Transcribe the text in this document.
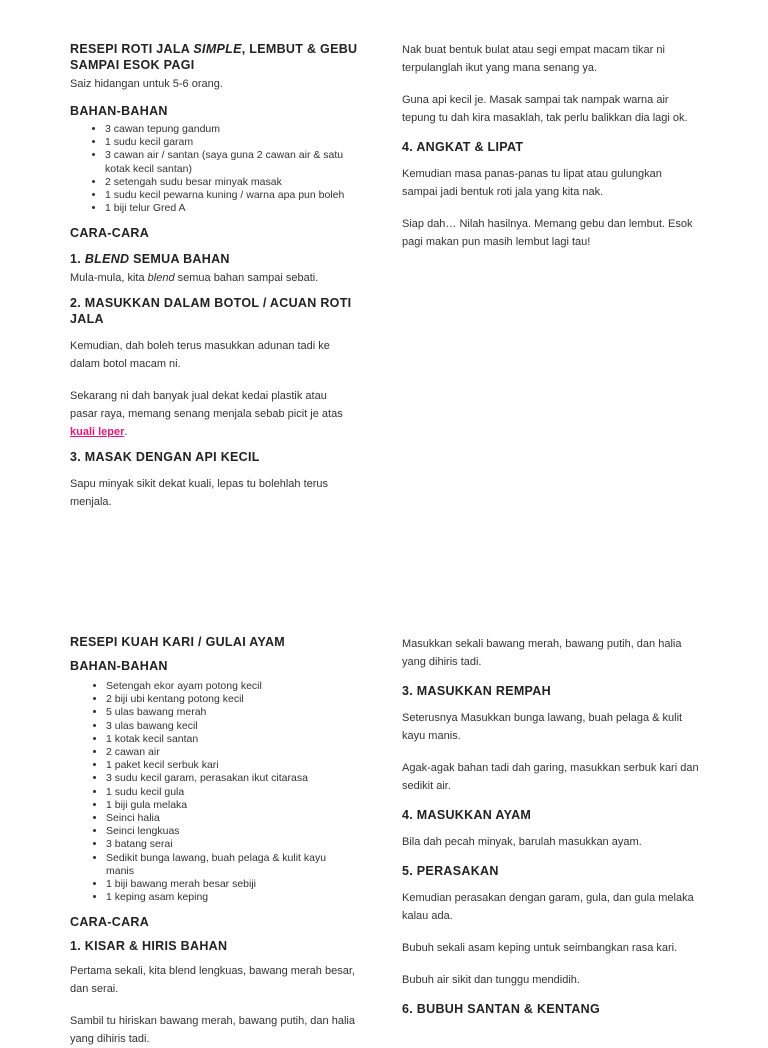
RESEPI ROTI JALA SIMPLE, LEMBUT & GEBU SAMPAI ESOK PAGI

Saiz hidangan untuk 5-6 orang.

BAHAN-BAHAN

• 3 cawan tepung gandum
• 1 sudu kecil garam
• 3 cawan air / santan (saya guna 2 cawan air & satu kotak kecil santan)
• 2 setengah sudu besar minyak masak
• 1 sudu kecil pewarna kuning / warna apa pun boleh
• 1 biji telur Gred A

CARA-CARA

1. BLEND SEMUA BAHAN

Mula-mula, kita blend semua bahan sampai sebati.

2. MASUKKAN DALAM BOTOL / ACUAN ROTI JALA

Kemudian, dah boleh terus masukkan adunan tadi ke dalam botol macam ni.

Sekarang ni dah banyak jual dekat kedai plastik atau pasar raya, memang senang menjala sebab picit je atas kuali leper.

3. MASAK DENGAN API KECIL

Sapu minyak sikit dekat kuali, lepas tu bolehlah terus menjala.

Nak buat bentuk bulat atau segi empat macam tikar ni terpulanglah ikut yang mana senang ya.

Guna api kecil je. Masak sampai tak nampak warna air tepung tu dah kira masaklah, tak perlu balikkan dia lagi ok.

4. ANGKAT & LIPAT

Kemudian masa panas-panas tu lipat atau gulungkan sampai jadi bentuk roti jala yang kita nak.

Siap dah… Nilah hasilnya. Memang gebu dan lembut. Esok pagi makan pun masih lembut lagi tau!

RESEPI KUAH KARI / GULAI AYAM

BAHAN-BAHAN

• Setengah ekor ayam potong kecil
• 2 biji ubi kentang potong kecil
• 5 ulas bawang merah
• 3 ulas bawang kecil
• 1 kotak kecil santan
• 2 cawan air
• 1 paket kecil serbuk kari
• 3 sudu kecil garam, perasakan ikut citarasa
• 1 sudu kecil gula
• 1 biji gula melaka
• Seinci halia
• Seinci lengkuas
• 3 batang serai
• Sedikit bunga lawang, buah pelaga & kulit kayu manis
• 1 biji bawang merah besar sebiji
• 1 keping asam keping

CARA-CARA

1. KISAR & HIRIS BAHAN

Pertama sekali, kita blend lengkuas, bawang merah besar, dan serai.

Sambil tu hiriskan bawang merah, bawang putih, dan halia yang dihiris tadi.

Masukkan sekali bawang merah, bawang putih, dan halia yang dihiris tadi.

3. MASUKKAN REMPAH

Seterusnya Masukkan bunga lawang, buah pelaga & kulit kayu manis.

Agak-agak bahan tadi dah garing, masukkan serbuk kari dan sedikit air.

4. MASUKKAN AYAM

Bila dah pecah minyak, barulah masukkan ayam.

5. PERASAKAN

Kemudian perasakan dengan garam, gula, dan gula melaka kalau ada.

Bubuh sekali asam keping untuk seimbangkan rasa kari.

Bubuh air sikit dan tunggu mendidih.

6. BUBUH SANTAN & KENTANG
